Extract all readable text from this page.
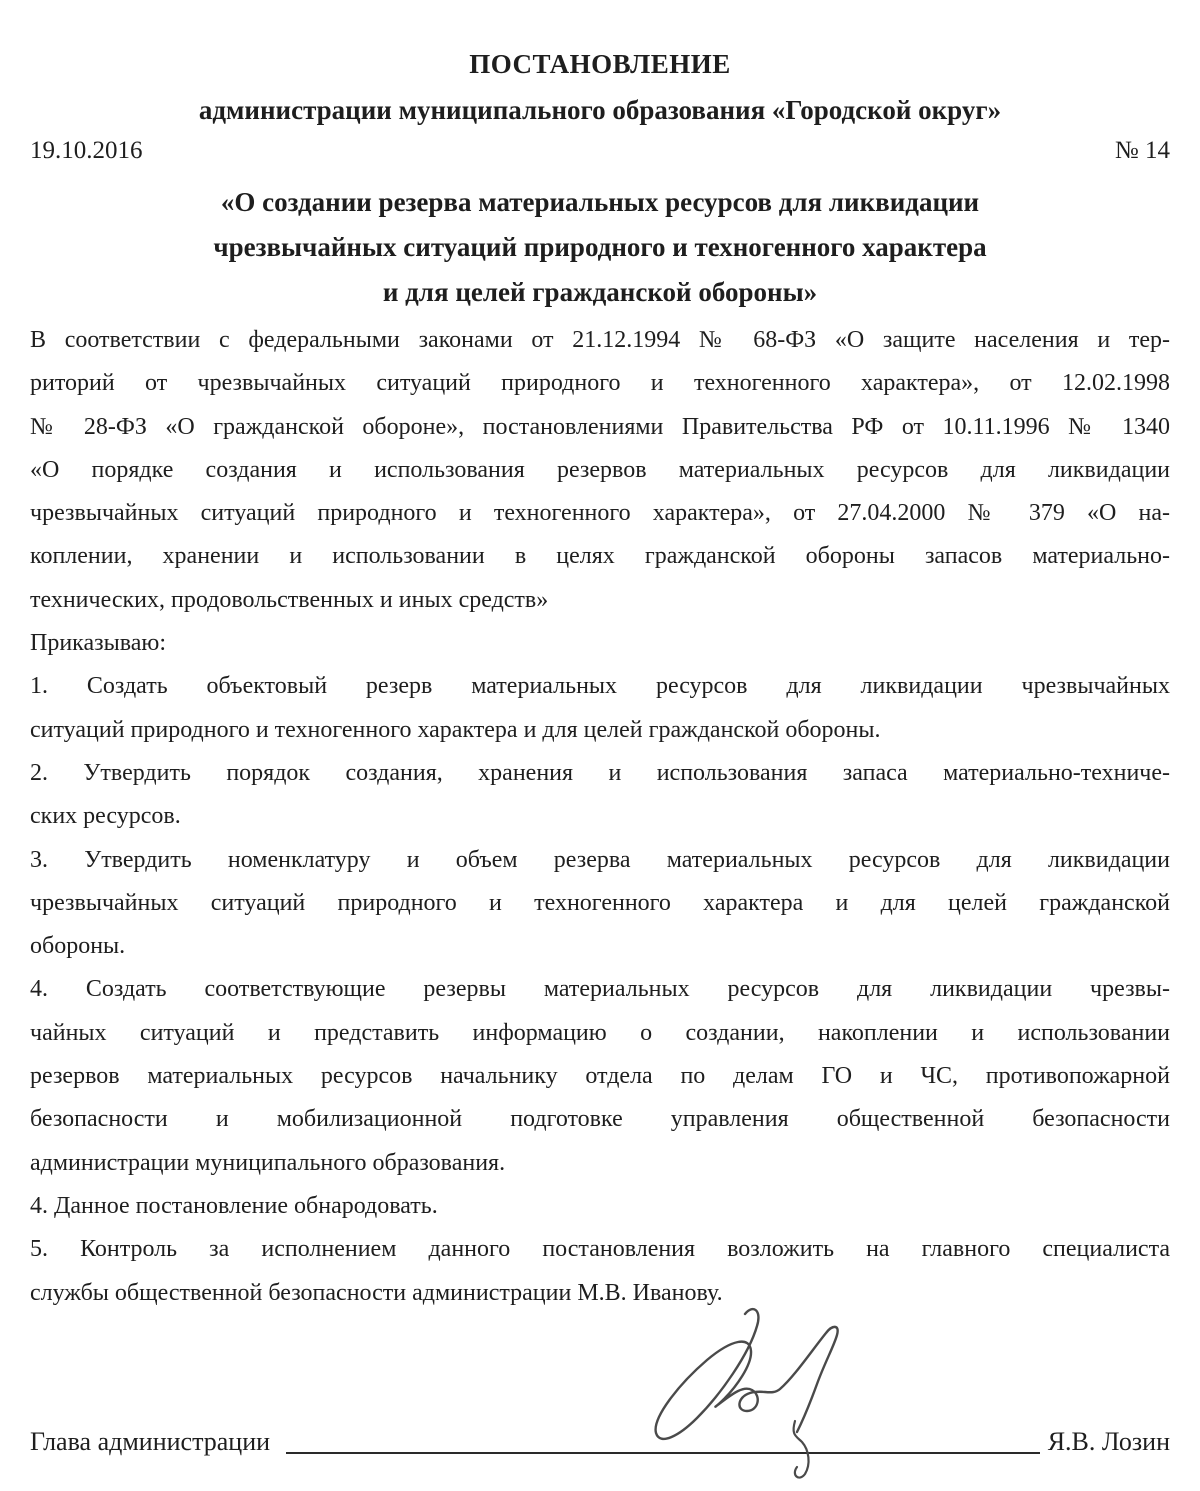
ПОСТАНОВЛЕНИЕ
администрации муниципального образования «Городской округ»
19.10.2016	№ 14
«О создании резерва материальных ресурсов для ликвидации
чрезвычайных ситуаций природного и техногенного характера
и для целей гражданской обороны»
В соответствии с федеральными законами от 21.12.1994 № 68-ФЗ «О защите населения и тер-
риторий от чрезвычайных ситуаций природного и техногенного характера», от 12.02.1998
№ 28-ФЗ «О гражданской обороне», постановлениями Правительства РФ от 10.11.1996 № 1340
«О порядке создания и использования резервов материальных ресурсов для ликвидации
чрезвычайных ситуаций природного и техногенного характера», от 27.04.2000 № 379 «О на-
коплении, хранении и использовании в целях гражданской обороны запасов материально-
технических, продовольственных и иных средств»
Приказываю:
1. Создать объектовый резерв материальных ресурсов для ликвидации чрезвычайных
ситуаций природного и техногенного характера и для целей гражданской обороны.
2. Утвердить порядок создания, хранения и использования запаса материально-техниче-
ских ресурсов.
3. Утвердить номенклатуру и объем резерва материальных ресурсов для ликвидации
чрезвычайных ситуаций природного и техногенного характера и для целей гражданской
обороны.
4. Создать соответствующие резервы материальных ресурсов для ликвидации чрезвы-
чайных ситуаций и представить информацию о создании, накоплении и использовании
резервов материальных ресурсов начальнику отдела по делам ГО и ЧС, противопожарной
безопасности и мобилизационной подготовке управления общественной безопасности
администрации муниципального образования.
4. Данное постановление обнародовать.
5. Контроль за исполнением данного постановления возложить на главного специалиста
службы общественной безопасности администрации М.В. Иванову.
Глава администрации	Я.В. Лозин
